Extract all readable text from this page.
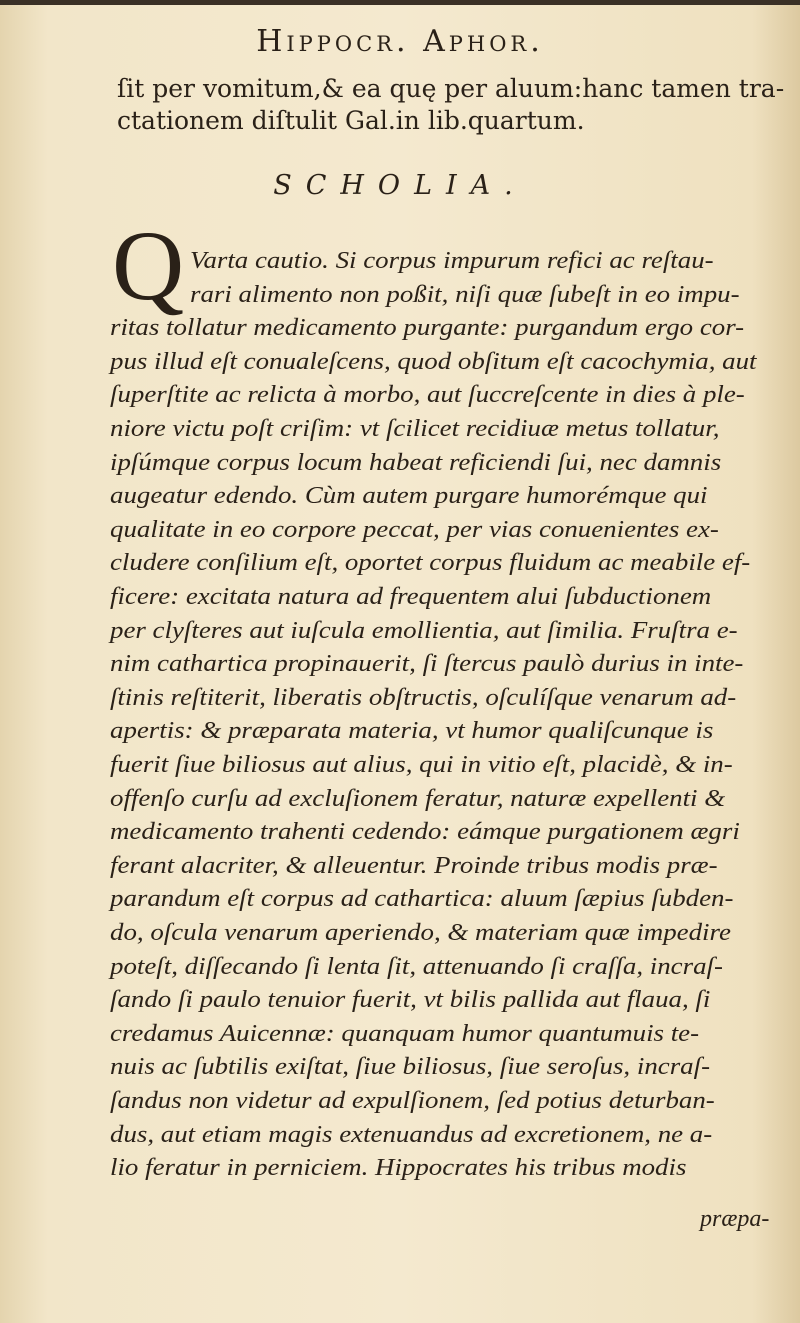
Hippocr. Aphor.
ſit per vomitum,& ea quę per aluum:hanc tamen tra-
ctationem diſtulit Gal.in lib.quartum.
SCHOLIA.
Q Varta cautio. Si corpus impurum refici ac reſtau-
rari alimento non poßit, niſi quæ ſubeſt in eo impu-
ritas tollatur medicamento purgante: purgandum ergo cor-
pus illud eſt conualeſcens, quod obſitum eſt cacochymia, aut
ſuperſtite ac relicta à morbo, aut ſuccreſcente in dies à ple-
niore victu poſt criſim: vt ſcilicet recidiuæ metus tollatur,
ipſúmque corpus locum habeat reficiendi ſui, nec damnis
augeatur edendo. Cùm autem purgare humorémque qui
qualitate in eo corpore peccat, per vias conuenientes ex-
cludere conſilium eſt, oportet corpus fluidum ac meabile ef-
ficere: excitata natura ad frequentem alui ſubductionem
per clyſteres aut iuſcula emollientia, aut ſimilia. Fruſtra e-
nim cathartica propinauerit, ſi ſtercus paulò durius in inte-
ſtinis reſtiterit, liberatis obſtructis, oſculíſque venarum ad-
apertis: & præparata materia, vt humor qualiſcunque is
fuerit ſiue biliosus aut alius, qui in vitio eſt, placidè, & in-
offenſo curſu ad excluſionem feratur, naturæ expellenti &
medicamento trahenti cedendo: eámque purgationem ægri
ferant alacriter, & alleuentur. Proinde tribus modis præ-
parandum eſt corpus ad cathartica: aluum ſæpius ſubden-
do, oſcula venarum aperiendo, & materiam quæ impedire
poteſt, diſſecando ſi lenta ſit, attenuando ſi craſſa, incraſ-
ſando ſi paulo tenuior fuerit, vt bilis pallida aut flaua, ſi
credamus Auicennæ: quanquam humor quantumuis te-
nuis ac ſubtilis exiſtat, ſiue biliosus, ſiue seroſus, incraſ-
ſandus non videtur ad expulſionem, ſed potius deturban-
dus, aut etiam magis extenuandus ad excretionem, ne a-
lio feratur in perniciem. Hippocrates his tribus modis
præpa-
